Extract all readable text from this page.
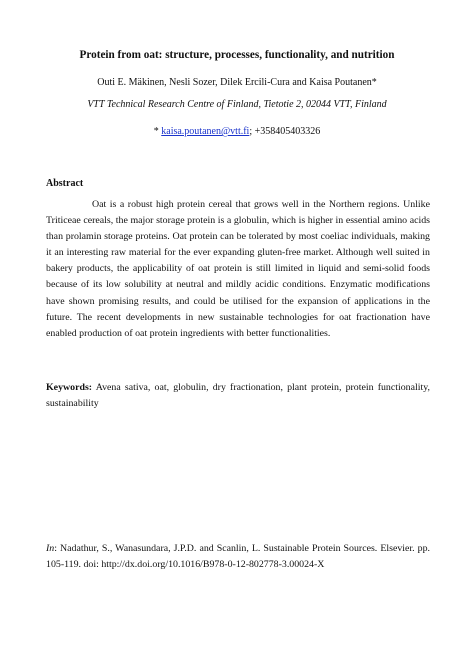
Protein from oat: structure, processes, functionality, and nutrition
Outi E. Mäkinen, Nesli Sozer, Dilek Ercili-Cura and Kaisa Poutanen*
VTT Technical Research Centre of Finland, Tietotie 2, 02044 VTT, Finland
* kaisa.poutanen@vtt.fi; +358405403326
Abstract

Oat is a robust high protein cereal that grows well in the Northern regions. Unlike Triticeae cereals, the major storage protein is a globulin, which is higher in essential amino acids than prolamin storage proteins. Oat protein can be tolerated by most coeliac individuals, making it an interesting raw material for the ever expanding gluten-free market. Although well suited in bakery products, the applicability of oat protein is still limited in liquid and semi-solid foods because of its low solubility at neutral and mildly acidic conditions. Enzymatic modifications have shown promising results, and could be utilised for the expansion of applications in the future. The recent developments in new sustainable technologies for oat fractionation have enabled production of oat protein ingredients with better functionalities.

Keywords: Avena sativa, oat, globulin, dry fractionation, plant protein, protein functionality, sustainability

In: Nadathur, S., Wanasundara, J.P.D. and Scanlin, L. Sustainable Protein Sources. Elsevier. pp. 105-119. doi: http://dx.doi.org/10.1016/B978-0-12-802778-3.00024-X
